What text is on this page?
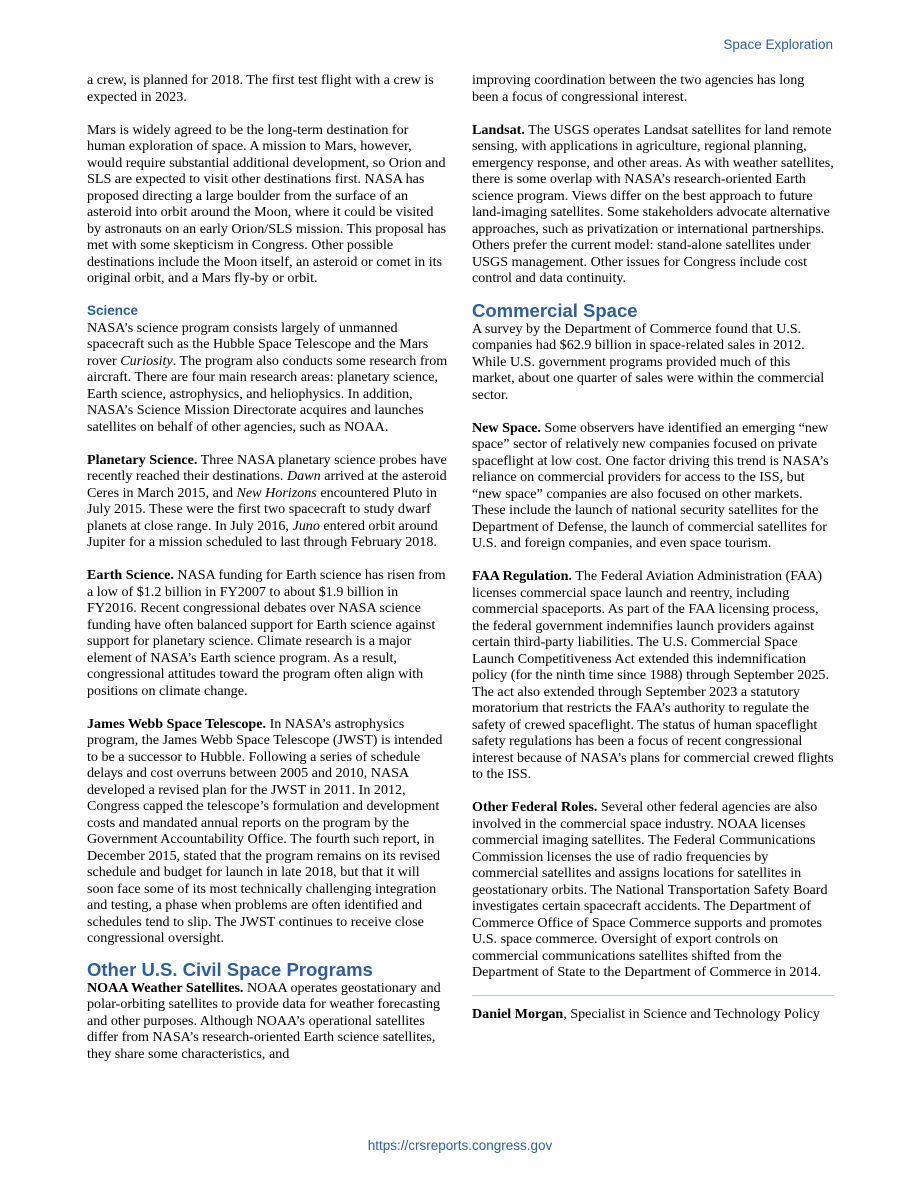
Space Exploration

a crew, is planned for 2018. The first test flight with a crew is expected in 2023.

Mars is widely agreed to be the long-term destination for human exploration of space. A mission to Mars, however, would require substantial additional development, so Orion and SLS are expected to visit other destinations first. NASA has proposed directing a large boulder from the surface of an asteroid into orbit around the Moon, where it could be visited by astronauts on an early Orion/SLS mission. This proposal has met with some skepticism in Congress. Other possible destinations include the Moon itself, an asteroid or comet in its original orbit, and a Mars fly-by or orbit.

Science

NASA’s science program consists largely of unmanned spacecraft such as the Hubble Space Telescope and the Mars rover Curiosity. The program also conducts some research from aircraft. There are four main research areas: planetary science, Earth science, astrophysics, and heliophysics. In addition, NASA’s Science Mission Directorate acquires and launches satellites on behalf of other agencies, such as NOAA.

Planetary Science. Three NASA planetary science probes have recently reached their destinations. Dawn arrived at the asteroid Ceres in March 2015, and New Horizons encountered Pluto in July 2015. These were the first two spacecraft to study dwarf planets at close range. In July 2016, Juno entered orbit around Jupiter for a mission scheduled to last through February 2018.

Earth Science. NASA funding for Earth science has risen from a low of $1.2 billion in FY2007 to about $1.9 billion in FY2016. Recent congressional debates over NASA science funding have often balanced support for Earth science against support for planetary science. Climate research is a major element of NASA’s Earth science program. As a result, congressional attitudes toward the program often align with positions on climate change.

James Webb Space Telescope. In NASA’s astrophysics program, the James Webb Space Telescope (JWST) is intended to be a successor to Hubble. Following a series of schedule delays and cost overruns between 2005 and 2010, NASA developed a revised plan for the JWST in 2011. In 2012, Congress capped the telescope’s formulation and development costs and mandated annual reports on the program by the Government Accountability Office. The fourth such report, in December 2015, stated that the program remains on its revised schedule and budget for launch in late 2018, but that it will soon face some of its most technically challenging integration and testing, a phase when problems are often identified and schedules tend to slip. The JWST continues to receive close congressional oversight.

Other U.S. Civil Space Programs

NOAA Weather Satellites. NOAA operates geostationary and polar-orbiting satellites to provide data for weather forecasting and other purposes. Although NOAA’s operational satellites differ from NASA’s research-oriented Earth science satellites, they share some characteristics, and

improving coordination between the two agencies has long been a focus of congressional interest.

Landsat. The USGS operates Landsat satellites for land remote sensing, with applications in agriculture, regional planning, emergency response, and other areas. As with weather satellites, there is some overlap with NASA’s research-oriented Earth science program. Views differ on the best approach to future land-imaging satellites. Some stakeholders advocate alternative approaches, such as privatization or international partnerships. Others prefer the current model: stand-alone satellites under USGS management. Other issues for Congress include cost control and data continuity.

Commercial Space

A survey by the Department of Commerce found that U.S. companies had $62.9 billion in space-related sales in 2012. While U.S. government programs provided much of this market, about one quarter of sales were within the commercial sector.

New Space. Some observers have identified an emerging “new space” sector of relatively new companies focused on private spaceflight at low cost. One factor driving this trend is NASA’s reliance on commercial providers for access to the ISS, but “new space” companies are also focused on other markets. These include the launch of national security satellites for the Department of Defense, the launch of commercial satellites for U.S. and foreign companies, and even space tourism.

FAA Regulation. The Federal Aviation Administration (FAA) licenses commercial space launch and reentry, including commercial spaceports. As part of the FAA licensing process, the federal government indemnifies launch providers against certain third-party liabilities. The U.S. Commercial Space Launch Competitiveness Act extended this indemnification policy (for the ninth time since 1988) through September 2025. The act also extended through September 2023 a statutory moratorium that restricts the FAA’s authority to regulate the safety of crewed spaceflight. The status of human spaceflight safety regulations has been a focus of recent congressional interest because of NASA’s plans for commercial crewed flights to the ISS.

Other Federal Roles. Several other federal agencies are also involved in the commercial space industry. NOAA licenses commercial imaging satellites. The Federal Communications Commission licenses the use of radio frequencies by commercial satellites and assigns locations for satellites in geostationary orbits. The National Transportation Safety Board investigates certain spacecraft accidents. The Department of Commerce Office of Space Commerce supports and promotes U.S. space commerce. Oversight of export controls on commercial communications satellites shifted from the Department of State to the Department of Commerce in 2014.

Daniel Morgan, Specialist in Science and Technology Policy

https://crsreports.congress.gov
